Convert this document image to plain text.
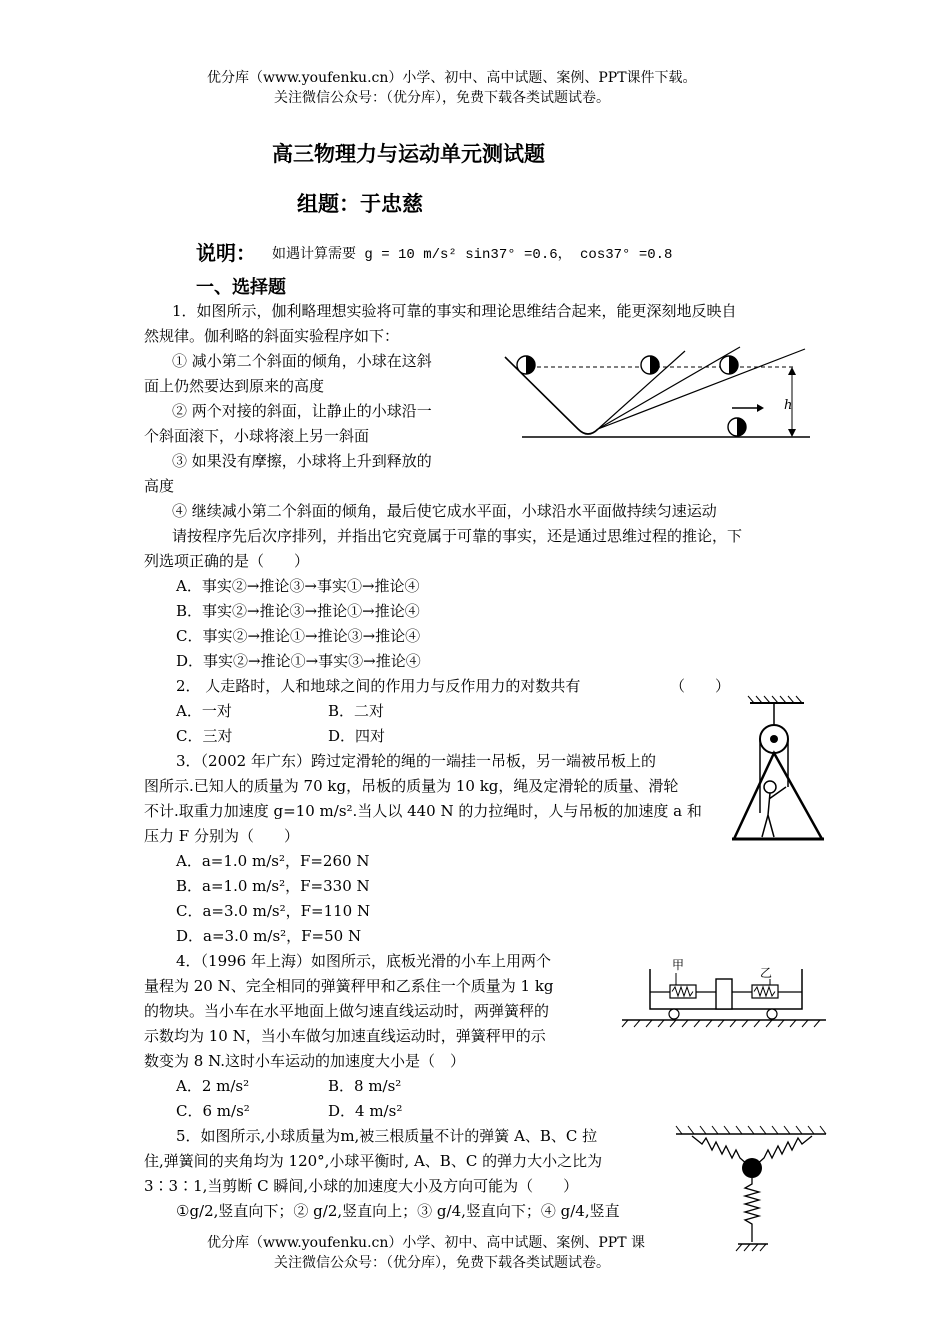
优分库（www.youfenku.cn）小学、初中、高中试题、案例、PPT课件下载。
关注微信公众号：（优分库），免费下载各类试题试卷。
高三物理力与运动单元测试题
组题：于忠慈
说明： 如遇计算需要 g = 10 m/s² sin37° =0.6， cos37° =0.8
一、选择题
1．如图所示，伽利略理想实验将可靠的事实和理论思维结合起来，能更深刻地反映自
然规律。伽利略的斜面实验程序如下：
① 减小第二个斜面的倾角，小球在这斜
面上仍然要达到原来的高度
② 两个对接的斜面，让静止的小球沿一
个斜面滚下，小球将滚上另一斜面
③ 如果没有摩擦，小球将上升到释放的
高度
④ 继续减小第二个斜面的倾角，最后使它成水平面，小球沿水平面做持续匀速运动
请按程序先后次序排列，并指出它究竟属于可靠的事实，还是通过思维过程的推论，下
列选项正确的是（　　）
A．事实②→推论③→事实①→推论④
B．事实②→推论③→推论①→推论④
C．事实②→推论①→推论③→推论④
D．事实②→推论①→事实③→推论④
h
2． 人走路时，人和地球之间的作用力与反作用力的对数共有	（　　）
A．一对	B．二对
C．三对	D．四对
3．（2002 年广东）跨过定滑轮的绳的一端挂一吊板，另一端被吊板上的
图所示.已知人的质量为 70 kg，吊板的质量为 10 kg，绳及定滑轮的质量、滑轮
不计.取重力加速度 g=10 m/s².当人以 440 N 的力拉绳时，人与吊板的加速度 a 和
压力 F 分别为（　　）
A．a=1.0 m/s²，F=260 N
B．a=1.0 m/s²，F=330 N
C．a=3.0 m/s²，F=110 N
D．a=3.0 m/s²，F=50 N
4．（1996 年上海）如图所示，底板光滑的小车上用两个
量程为 20 N、完全相同的弹簧秤甲和乙系住一个质量为 1 kg
的物块。当小车在水平地面上做匀速直线运动时，两弹簧秤的
示数均为 10 N，当小车做匀加速直线运动时，弹簧秤甲的示
数变为 8 N.这时小车运动的加速度大小是（　）
A．2 m/s²	B．8 m/s²
C．6 m/s²	D．4 m/s²
甲
乙
5．如图所示,小球质量为m,被三根质量不计的弹簧 A、B、C 拉
住,弹簧间的夹角均为 120°,小球平衡时, A、B、C 的弹力大小之比为
3∶3∶1,当剪断 C 瞬间,小球的加速度大小及方向可能为（　　）
①g/2,竖直向下；② g/2,竖直向上；③ g/4,竖直向下；④ g/4,竖直
优分库（www.youfenku.cn）小学、初中、高中试题、案例、PPT 课
关注微信公众号：（优分库），免费下载各类试题试卷。
